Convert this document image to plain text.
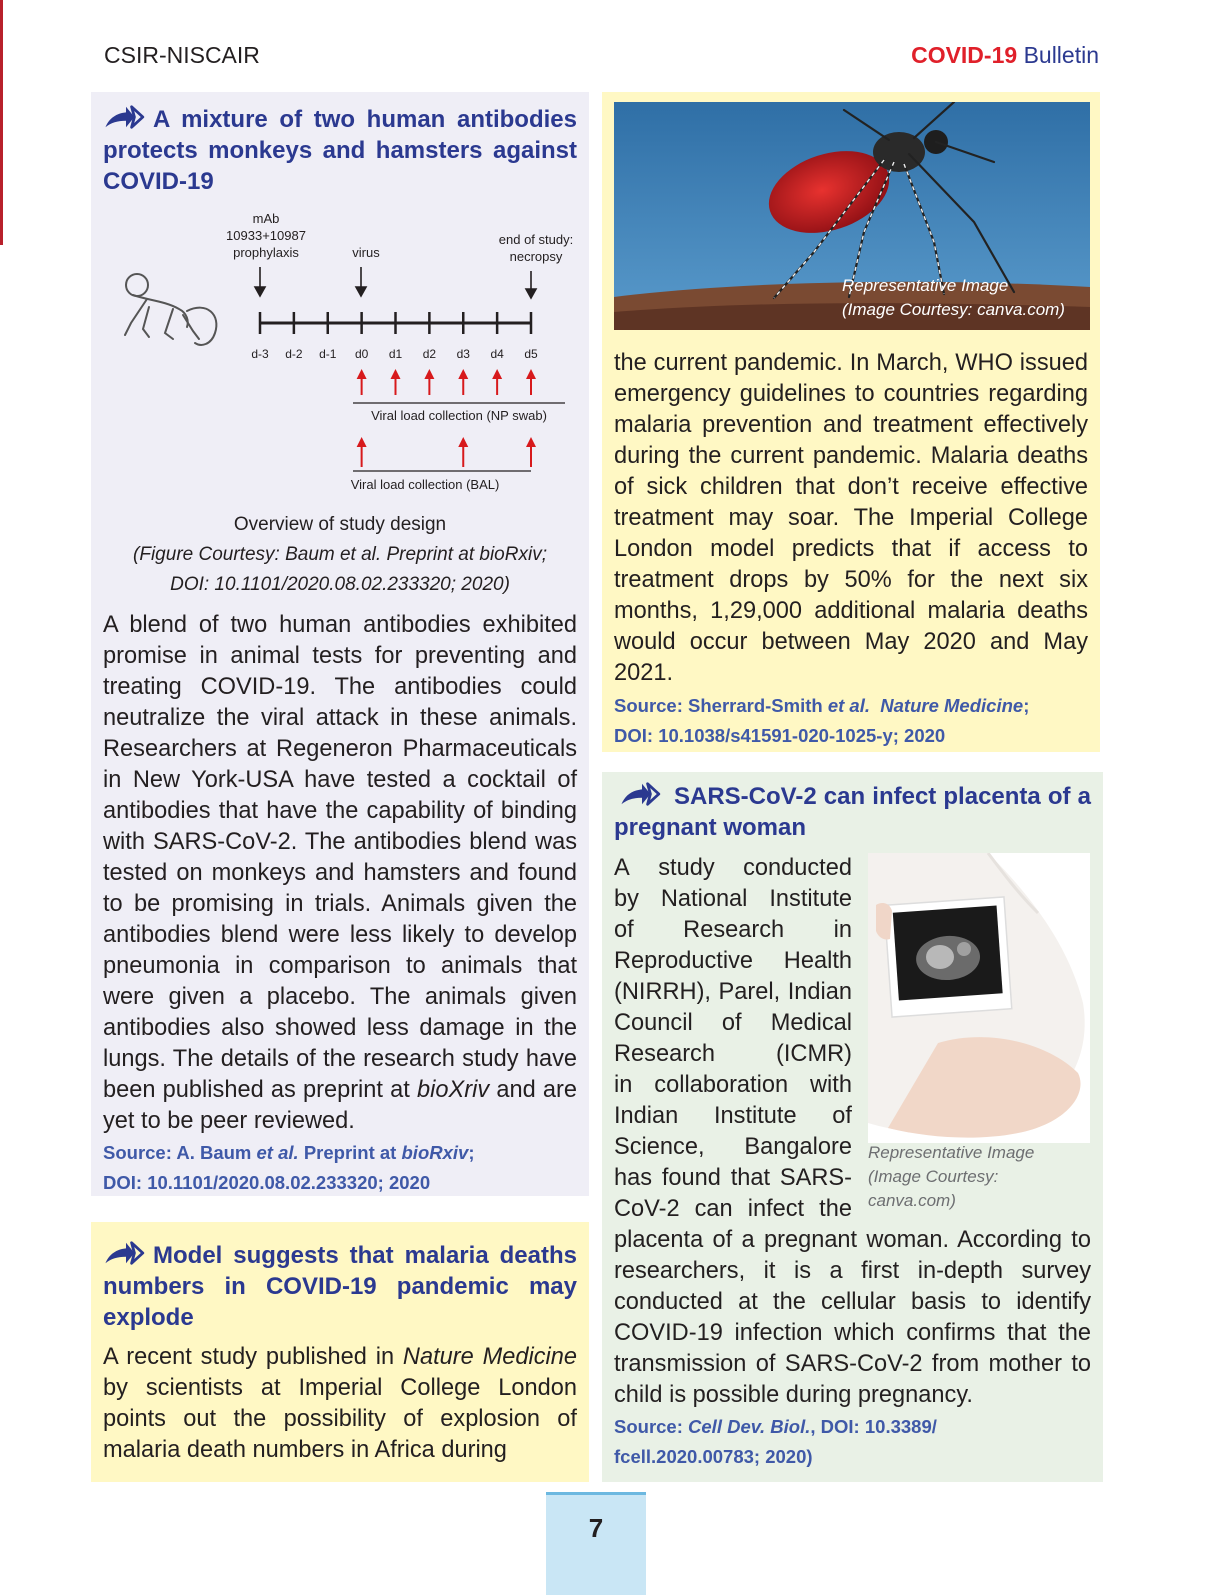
CSIR-NISCAIR	COVID-19 Bulletin
A mixture of two human antibodies protects monkeys and hamsters against COVID-19
mAb
10933+10987
prophylaxis	virus
end of study:
necropsy
d-3 d-2 d-1 d0 d1 d2 d3 d4 d5
Viral load collection (NP swab)
Viral load collection (BAL)
Overview of study design
(Figure Courtesy: Baum et al. Preprint at bioRxiv;
DOI: 10.1101/2020.08.02.233320; 2020)
A blend of two human antibodies exhibited promise in animal tests for preventing and treating COVID-19. The antibodies could neutralize the viral attack in these animals. Researchers at Regeneron Pharmaceuticals in New York-USA have tested a cocktail of antibodies that have the capability of binding with SARS-CoV-2. The antibodies blend was tested on monkeys and hamsters and found to be promising in trials. Animals given the antibodies blend were less likely to develop pneumonia in comparison to animals that were given a placebo. The animals given antibodies also showed less damage in the lungs. The details of the research study have been published as preprint at bioXriv and are yet to be peer reviewed.
Source: A. Baum et al. Preprint at bioRxiv;
DOI: 10.1101/2020.08.02.233320; 2020
Model suggests that malaria deaths numbers in COVID-19 pandemic may explode
A recent study published in Nature Medicine by scientists at Imperial College London points out the possibility of explosion of malaria death numbers in Africa during
Representative Image
(Image Courtesy: canva.com)
the current pandemic. In March, WHO issued emergency guidelines to countries regarding malaria prevention and treatment effectively during the current pandemic. Malaria deaths of sick children that don’t receive effective treatment may soar. The Imperial College London model predicts that if access to treatment drops by 50% for the next six months, 1,29,000 additional malaria deaths would occur between May 2020 and May 2021.
Source: Sherrard-Smith et al. Nature Medicine;
DOI: 10.1038/s41591-020-1025-y; 2020
SARS-CoV-2 can infect placenta of a pregnant woman
Representative Image
(Image Courtesy: canva.com)
A study conducted
by National Institute
of Research in
Reproductive Health
(NIRRH), Parel, Indian
Council of Medical
Research	(ICMR)
in collaboration with
Indian Institute of
Science, Bangalore
has found that SARS-
CoV-2 can infect the
placenta of a pregnant woman. According to researchers, it is a first in-depth survey conducted at the cellular basis to identify COVID-19 infection which confirms that the transmission of SARS-CoV-2 from mother to child is possible during pregnancy.
Source: Cell Dev. Biol., DOI: 10.3389/
fcell.2020.00783; 2020)
7
